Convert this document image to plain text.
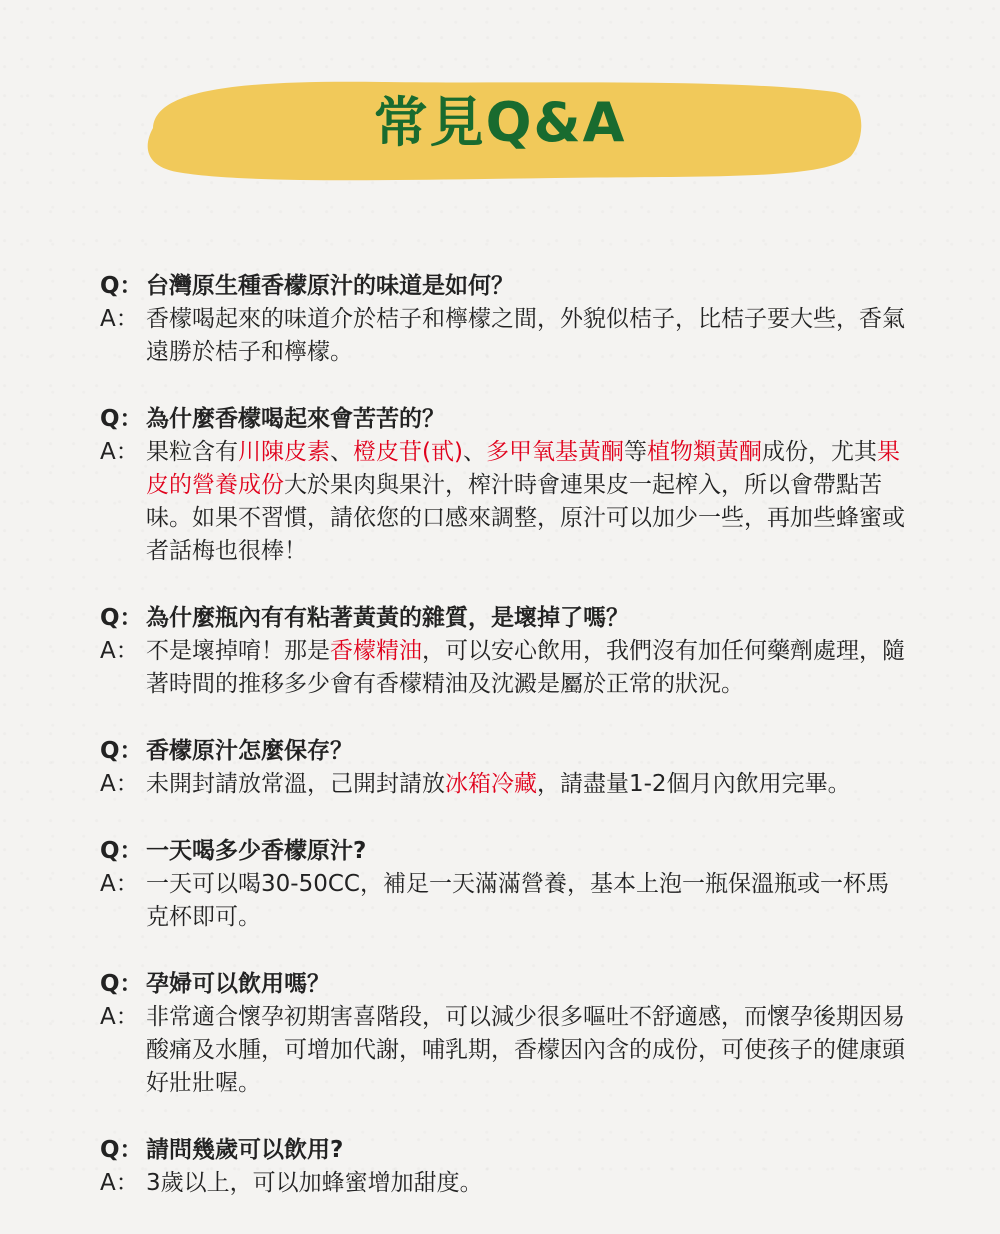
常見Q&A
Q： 台灣原生種香檬原汁的味道是如何？
A： 香檬喝起來的味道介於桔子和檸檬之間，外貌似桔子，比桔子要大些，香氣遠勝於桔子和檸檬。
Q： 為什麼香檬喝起來會苦苦的？
A： 果粒含有川陳皮素、橙皮苷(甙)、多甲氧基黃酮等植物類黃酮成份，尤其果皮的營養成份大於果肉與果汁，榨汁時會連果皮一起榨入，所以會帶點苦味。如果不習慣，請依您的口感來調整，原汁可以加少一些，再加些蜂蜜或者話梅也很棒！
Q： 為什麼瓶內有有粘著黃黃的雜質，是壞掉了嗎？
A： 不是壞掉唷！那是香檬精油，可以安心飲用，我們沒有加任何藥劑處理，隨著時間的推移多少會有香檬精油及沈澱是屬於正常的狀況。
Q： 香檬原汁怎麼保存？
A： 未開封請放常溫，己開封請放冰箱冷藏，請盡量1-2個月內飲用完畢。
Q： 一天喝多少香檬原汁?
A： 一天可以喝30-50CC，補足一天滿滿營養，基本上泡一瓶保溫瓶或一杯馬克杯即可。
Q： 孕婦可以飲用嗎？
A： 非常適合懷孕初期害喜階段，可以減少很多嘔吐不舒適感，而懷孕後期因易酸痛及水腫，可增加代謝，哺乳期，香檬因內含的成份，可使孩子的健康頭好壯壯喔。
Q： 請問幾歲可以飲用?
A： 3歲以上，可以加蜂蜜增加甜度。
